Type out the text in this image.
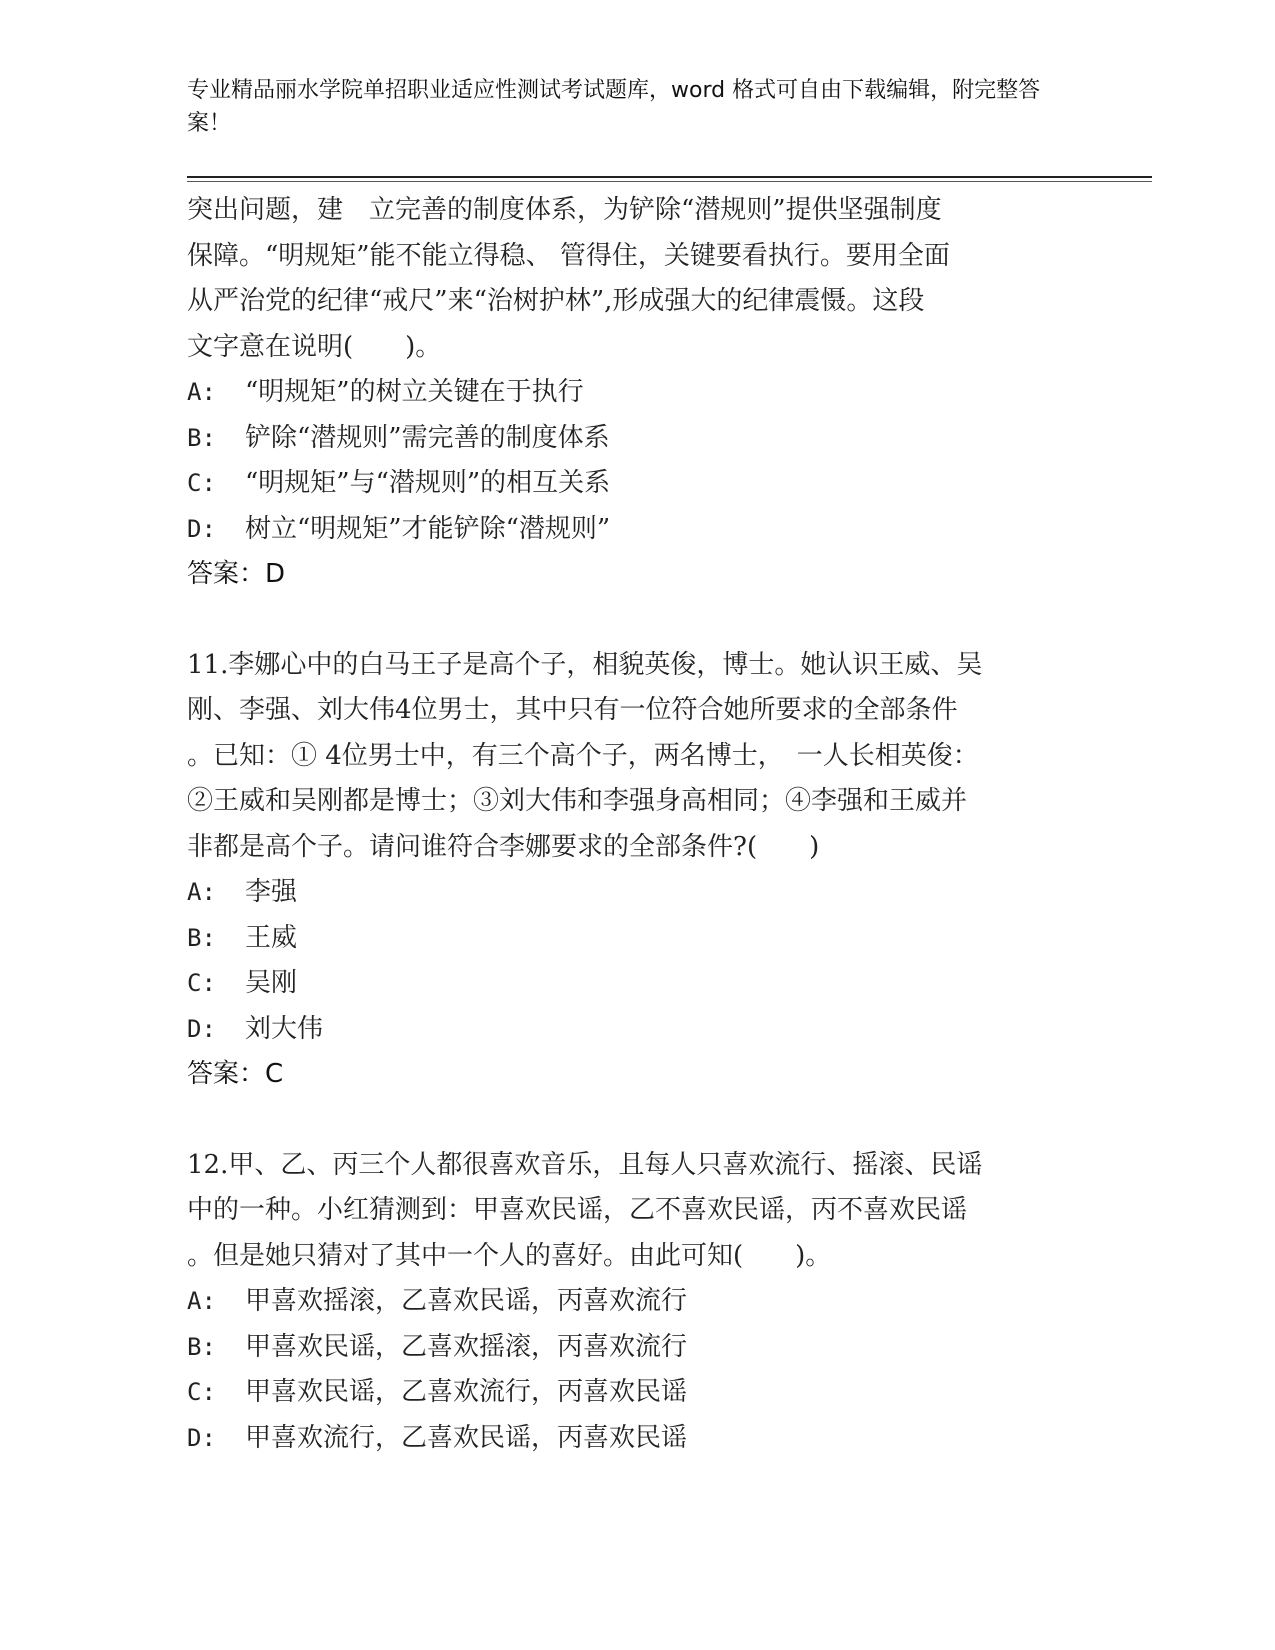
专业精品丽水学院单招职业适应性测试考试题库，word 格式可自由下载编辑，附完整答案！

突出问题，建　立完善的制度体系，为铲除“潜规则”提供坚强制度

保障。“明规矩”能不能立得稳、 管得住，关键要看执行。要用全面

从严治党的纪律“戒尺”来“治树护林”,形成强大的纪律震慑。这段

文字意在说明(　　)。

A:	“明规矩”的树立关键在于执行
B:	铲除“潜规则”需完善的制度体系
C:	“明规矩”与“潜规则”的相互关系
D:	树立“明规矩”才能铲除“潜规则”

答案：D

11.李娜心中的白马王子是高个子，相貌英俊，博士。她认识王威、吴

刚、李强、刘大伟4位男士，其中只有一位符合她所要求的全部条件

。已知：① 4位男士中，有三个高个子，两名博士，　一人长相英俊：

②王威和吴刚都是博士；③刘大伟和李强身高相同；④李强和王威并

非都是高个子。请问谁符合李娜要求的全部条件?(　　)

A:	李强
B:	王威
C:	吴刚
D:	刘大伟

答案：C

12.甲、乙、丙三个人都很喜欢音乐，且每人只喜欢流行、摇滚、民谣

中的一种。小红猜测到：甲喜欢民谣，乙不喜欢民谣，丙不喜欢民谣

。但是她只猜对了其中一个人的喜好。由此可知(　　)。

A:	甲喜欢摇滚，乙喜欢民谣，丙喜欢流行
B:	甲喜欢民谣，乙喜欢摇滚，丙喜欢流行
C:	甲喜欢民谣，乙喜欢流行，丙喜欢民谣
D:	甲喜欢流行，乙喜欢民谣，丙喜欢民谣
